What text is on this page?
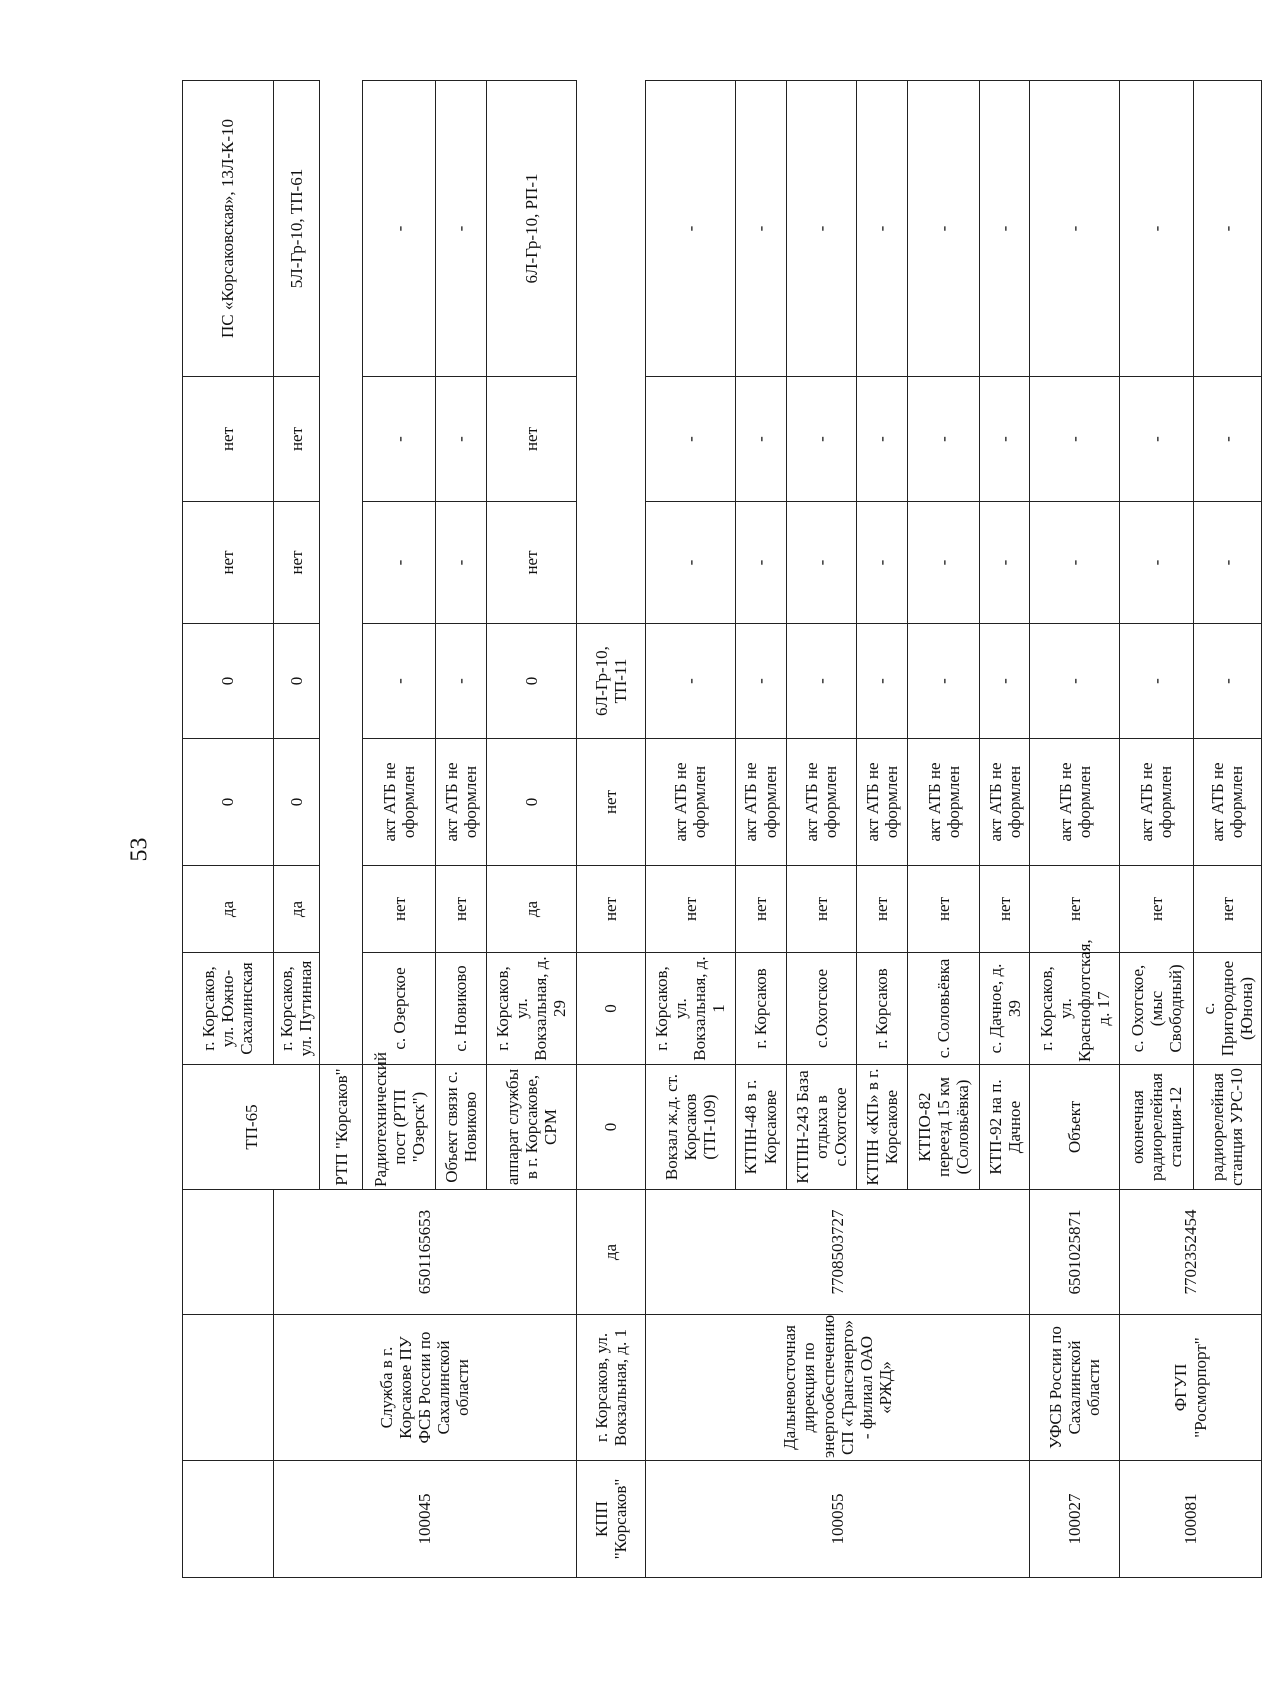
53
			ТП-65	г. Корсаков, ул. Южно-Сахалинская	да	0	0	нет	нет	ПС «Корсаковская», 13Л-К-10
100045	Служба в г. Корсакове ПУ ФСБ России по Сахалинской области	6501165653		г. Корсаков, ул. Путинная	да	0	0	нет	нет	5Л-Гр-10, ТП-61
			РТП "Корсаков"							
			Радиотехнический пост (РТП "Озерск")	с. Озерское	нет	акт АТБ не оформлен	-	-	-	-
			Объект связи с. Новиково	с. Новиково	нет	акт АТБ не оформлен	-	-	-	-
			аппарат службы в г. Корсакове, СРМ	г. Корсаков, ул. Вокзальная, д. 29	да	0	0	нет	нет	6Л-Гр-10, РП-1
КПП "Корсаков"	г. Корсаков, ул. Вокзальная, д. 1	да	0	0	нет	нет	6Л-Гр-10, ТП-11			
100055	Дальневосточная дирекция по энергообеспечению СП «Трансэнерго» - филиал ОАО «РЖД»	7708503727	Вокзал ж.д. ст. Корсаков (ТП-109)	г. Корсаков, ул. Вокзальная, д. 1	нет	акт АТБ не оформлен	-	-	-	-
			КТПН-48 в г. Корсакове	г. Корсаков	нет	акт АТБ не оформлен	-	-	-	-
			КТПН-243 База отдыха в с.Охотское	с.Охотское	нет	акт АТБ не оформлен	-	-	-	-
			КТПН «КП» в г. Корсакове	г. Корсаков	нет	акт АТБ не оформлен	-	-	-	-
			КТПО-82 переезд 15 км (Соловьёвка)	с. Соловьёвка	нет	акт АТБ не оформлен	-	-	-	-
			КТП-92 на п. Дачное	с. Дачное, д. 39	нет	акт АТБ не оформлен	-	-	-	-
100027	УФСБ России по Сахалинской области	6501025871	Объект	г. Корсаков, ул. Краснофлотская, д. 17	нет	акт АТБ не оформлен	-	-	-	-
100081	ФГУП "Росморпорт"	7702352454	оконечная радиорелейная станция-12	с. Охотское, (мыс Свободный)	нет	акт АТБ не оформлен	-	-	-	-
			радиорелейная станция УРС-10	с. Пригородное (Юнона)	нет	акт АТБ не оформлен	-	-	-	-
